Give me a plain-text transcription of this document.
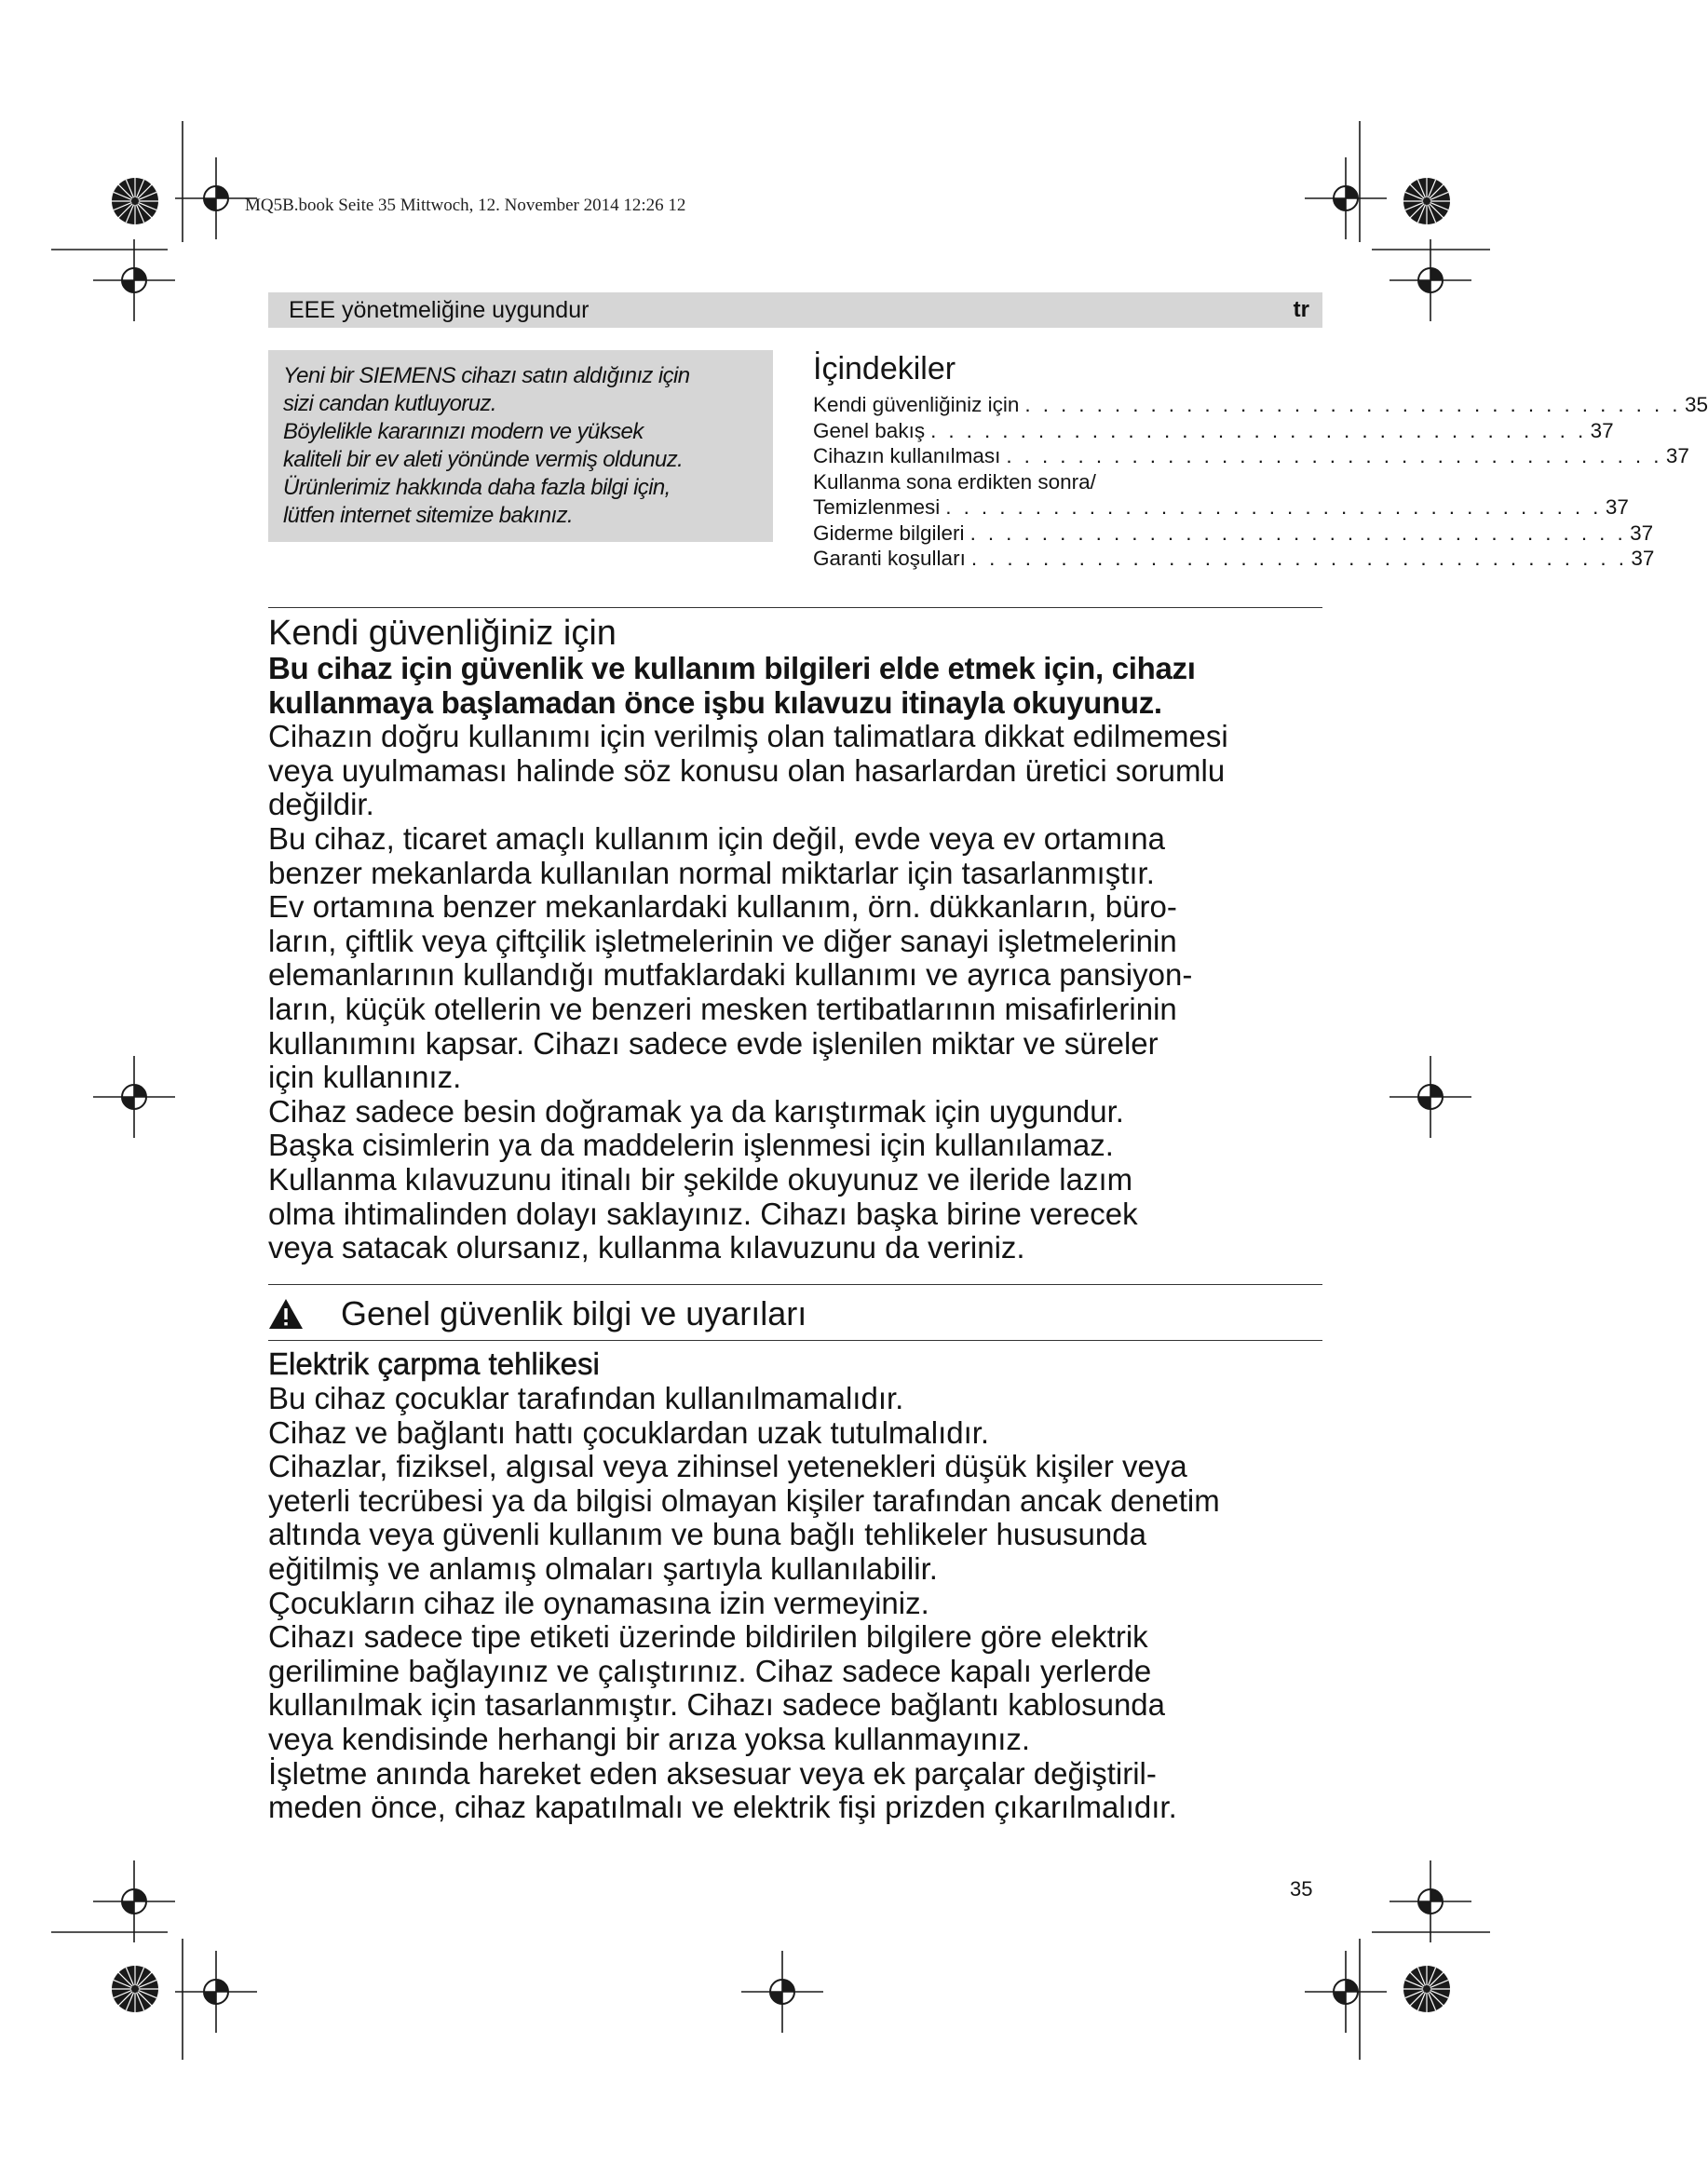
MQ5B.book Seite 35 Mittwoch, 12. November 2014 12:26 12
EEE yönetmeliğine uygundur	tr

Yeni bir SIEMENS cihazı satın aldığınız için

sizi candan kutluyoruz.

Böylelikle kararınızı modern ve yüksek

kaliteli bir ev aleti yönünde vermiş oldunuz.

Ürünlerimiz hakkında daha fazla bilgi için,

lütfen internet sitemize bakınız.

İçindekiler
Kendi güvenliğiniz için . . . . . . . . . . . . . . . . . . . . . . . . . . . . . . . . . . . . . 35
Genel bakış . . . . . . . . . . . . . . . . . . . . . . . . . . . . . . . . . . . . . 37
Cihazın kullanılması . . . . . . . . . . . . . . . . . . . . . . . . . . . . . . . . . . . . . 37
Kullanma sona erdikten sonra/
Temizlenmesi . . . . . . . . . . . . . . . . . . . . . . . . . . . . . . . . . . . . . 37
Giderme bilgileri . . . . . . . . . . . . . . . . . . . . . . . . . . . . . . . . . . . . . 37
Garanti koşulları . . . . . . . . . . . . . . . . . . . . . . . . . . . . . . . . . . . . . 37
Kendi güvenliğiniz için

Bu cihaz için güvenlik ve kullanım bilgileri elde etmek için, cihazı

kullanmaya başlamadan önce işbu kılavuzu itinayla okuyunuz.

Cihazın doğru kullanımı için verilmiş olan talimatlara dikkat edilmemesi

veya uyulmaması halinde söz konusu olan hasarlardan üretici sorumlu

değildir.

Bu cihaz, ticaret amaçlı kullanım için değil, evde veya ev ortamına

benzer mekanlarda kullanılan normal miktarlar için tasarlanmıştır.

Ev ortamına benzer mekanlardaki kullanım, örn. dükkanların, büro-

ların, çiftlik veya çiftçilik işletmelerinin ve diğer sanayi işletmelerinin

elemanlarının kullandığı mutfaklardaki kullanımı ve ayrıca pansiyon-

ların, küçük otellerin ve benzeri mesken tertibatlarının misafirlerinin

kullanımını kapsar. Cihazı sadece evde işlenilen miktar ve süreler

için kullanınız.

Cihaz sadece besin doğramak ya da karıştırmak için uygundur.

Başka cisimlerin ya da maddelerin işlenmesi için kullanılamaz.

Kullanma kılavuzunu itinalı bir şekilde okuyunuz ve ileride lazım

olma ihtimalinden dolayı saklayınız. Cihazı başka birine verecek

veya satacak olursanız, kullanma kılavuzunu da veriniz.

Genel güvenlik bilgi ve uyarıları
Elektrik çarpma tehlikesi

Bu cihaz çocuklar tarafından kullanılmamalıdır.

Cihaz ve bağlantı hattı çocuklardan uzak tutulmalıdır.

Cihazlar, fiziksel, algısal veya zihinsel yetenekleri düşük kişiler veya

yeterli tecrübesi ya da bilgisi olmayan kişiler tarafından ancak denetim

altında veya güvenli kullanım ve buna bağlı tehlikeler hususunda

eğitilmiş ve anlamış olmaları şartıyla kullanılabilir.

Çocukların cihaz ile oynamasına izin vermeyiniz.

Cihazı sadece tipe etiketi üzerinde bildirilen bilgilere göre elektrik

gerilimine bağlayınız ve çalıştırınız. Cihaz sadece kapalı yerlerde

kullanılmak için tasarlanmıştır. Cihazı sadece bağlantı kablosunda

veya kendisinde herhangi bir arıza yoksa kullanmayınız.

İşletme anında hareket eden aksesuar veya ek parçalar değiştiril-

meden önce, cihaz kapatılmalı ve elektrik fişi prizden çıkarılmalıdır.

35
